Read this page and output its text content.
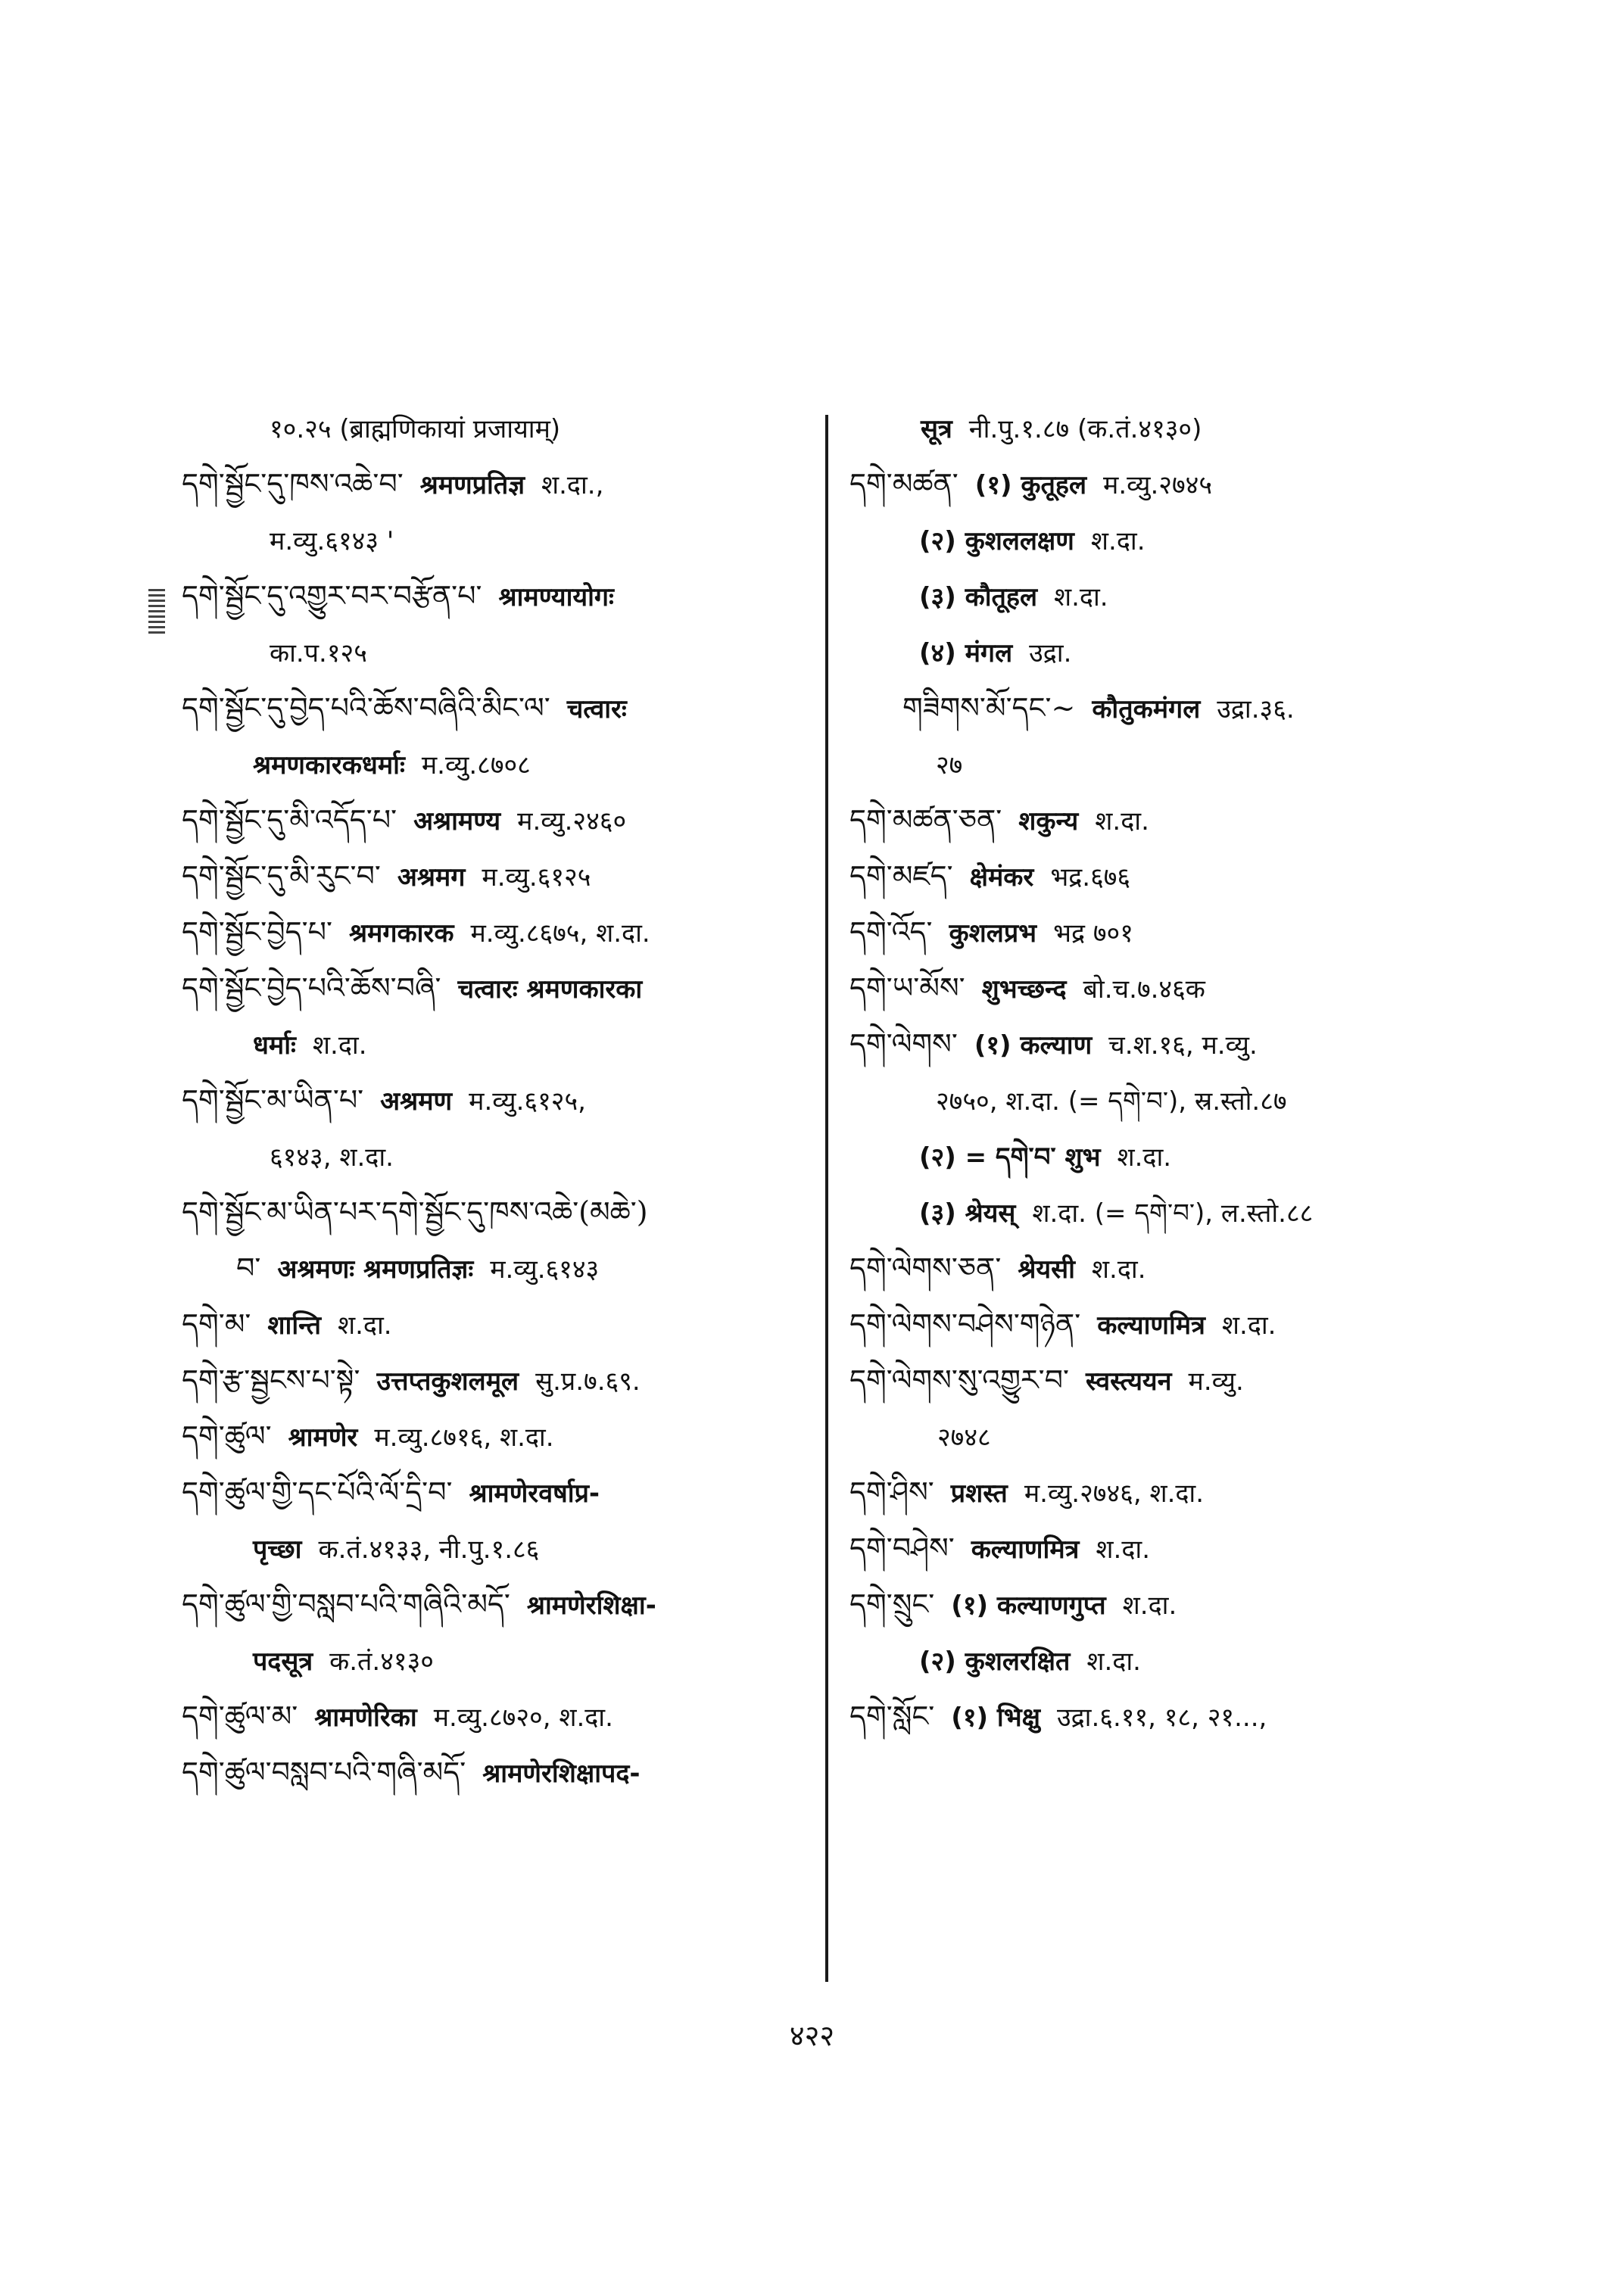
१०.२५ (ब्राह्मणिकायां प्रजायाम्)
དགེ་སྦྱོང་དུ་ཁས་འཆེ་བ་ श्रमणप्रतिज्ञ श.दा.,
म.व्यु.६१४३ '
དགེ་སྦྱོང་དུ་འགྱུར་བར་བརྩོན་པ་ श्रामण्यायोगः
का.प.१२५
དགེ་སྦྱོང་དུ་བྱེད་པའི་ཆོས་བཞིའི་མིང་ལ་ चत्वारः
श्रमणकारकधर्माः म.व्यु.८७०८
དགེ་སྦྱོང་དུ་མི་འདོད་པ་ अश्रामण्य म.व्यु.२४६०
དགེ་སྦྱོང་དུ་མི་རུང་བ་ अश्रमग म.व्यु.६१२५
དགེ་སྦྱོང་བྱེད་པ་ श्रमगकारक म.व्यु.८६७५, श.दा.
དགེ་སྦྱོང་བྱེད་པའི་ཆོས་བཞི་ चत्वारः श्रमणकारका
धर्माः श.दा.
དགེ་སྦྱོང་མ་ཡིན་པ་ अश्रमण म.व्यु.६१२५,
६१४३, श.दा.
དགེ་སྦྱོང་མ་ཡིན་པར་དགེ་སྦྱོང་དུ་ཁས་འཆེ་(མཆེ་)
བ་ अश्रमणः श्रमणप्रतिज्ञः म.व्यु.६१४३
དགེ་མ་ शान्ति श.दा.
དགེ་རྩ་སྦྱངས་པ་སྟེ་ उत्तप्तकुशलमूल सु.प्र.७.६९.
དགེ་ཚུལ་ श्रामणेर म.व्यु.८७१६, श.दा.
དགེ་ཚུལ་གྱི་དང་པོའི་ལོ་དྲི་བ་ श्रामणेरवर्षाप्र-
पृच्छा क.तं.४१३३, नी.पु.१.८६
དགེ་ཚུལ་གྱི་བསླབ་པའི་གཞིའི་མདོ་ श्रामणेरशिक्षा-
पदसूत्र क.तं.४१३०
དགེ་ཚུལ་མ་ श्रामणेरिका म.व्यु.८७२०, श.दा.
དགེ་ཚུལ་བསླབ་པའི་གཞི་མདོ་ श्रामणेरशिक्षापद-
सूत्र नी.पु.१.८७ (क.तं.४१३०)
དགེ་མཚན་ (१) कुतूहल म.व्यु.२७४५
(२) कुशललक्षण श.दा.
(३) कौतूहल श.दा.
(४) मंगल उद्रा.
གཟིགས་མོ་དང་~ कौतुकमंगल उद्रा.३६.
२७
དགེ་མཚན་ཅན་ शकुन्य श.दा.
དགེ་མཛད་ क्षेमंकर भद्र.६७६
དགེ་འོད་ कुशलप्रभ भद्र ७०१
དགེ་ཡ་མོས་ शुभच्छन्द बो.च.७.४६क
དགེ་ལེགས་ (१) कल्याण च.श.१६, म.व्यु.
२७५०, श.दा. (= དགེ་བ་), स्र.स्तो.८७
(२) = དགེ་བ་ शुभ श.दा.
(३) श्रेयस् श.दा. (= དགེ་བ་), ल.स्तो.८८
དགེ་ལེགས་ཅན་ श्रेयसी श.दा.
དགེ་ལེགས་བཤེས་གཉེན་ कल्याणमित्र श.दा.
དགེ་ལེགས་སུ་འགྱུར་བ་ स्वस्त्ययन म.व्यु.
२७४८
དགེ་ཤིས་ प्रशस्त म.व्यु.२७४६, श.दा.
དགེ་བཤེས་ कल्याणमित्र श.दा.
དགེ་སྲུང་ (१) कल्याणगुप्त श.दा.
(२) कुशलरक्षित श.दा.
དགེ་སློང་ (१) भिक्षु उद्रा.६.११, १८, २१...,
४२२
